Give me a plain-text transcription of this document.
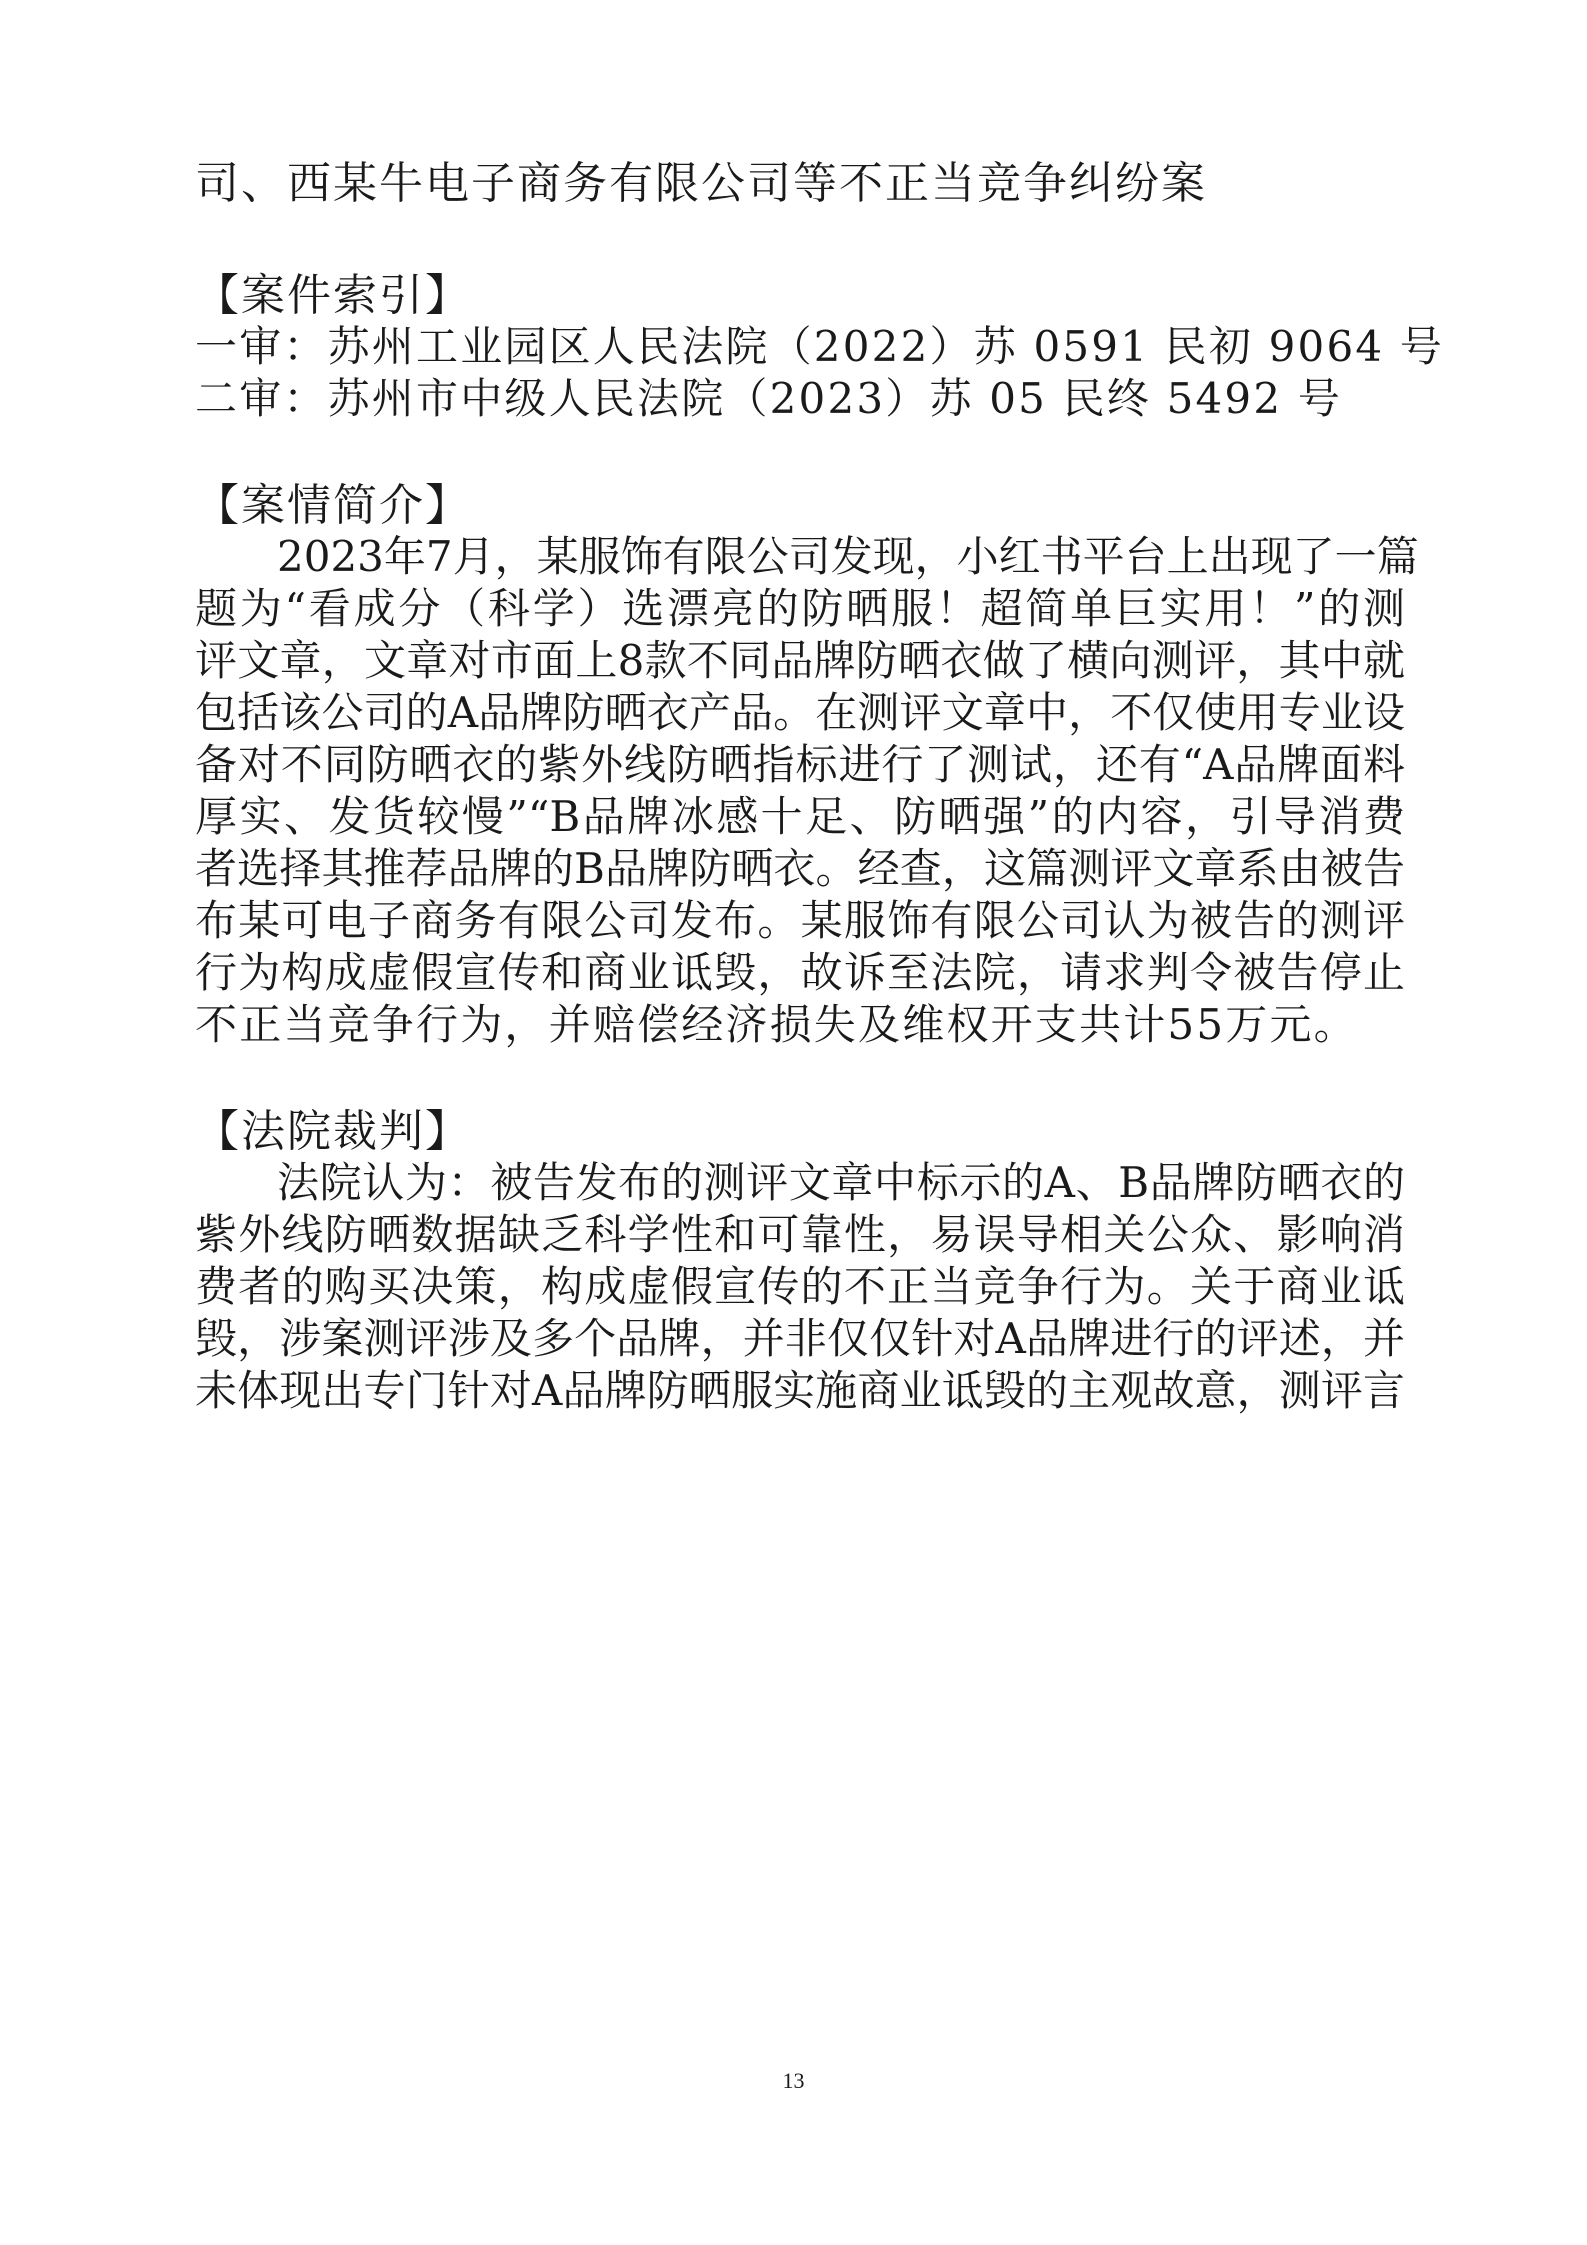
司、西某牛电子商务有限公司等不正当竞争纠纷案

【案件索引】

一审：苏州工业园区人民法院（2022）苏 0591 民初 9064 号

二审：苏州市中级人民法院（2023）苏 05 民终 5492 号

【案情简介】

2023年7月，某服饰有限公司发现，小红书平台上出现了一篇

题为“看成分（科学）选漂亮的防晒服！超简单巨实用！”的测

评文章，文章对市面上8款不同品牌防晒衣做了横向测评，其中就

包括该公司的A品牌防晒衣产品。在测评文章中，不仅使用专业设

备对不同防晒衣的紫外线防晒指标进行了测试，还有“A品牌面料

厚实、发货较慢”“B品牌冰感十足、防晒强”的内容，引导消费

者选择其推荐品牌的B品牌防晒衣。经查，这篇测评文章系由被告

布某可电子商务有限公司发布。某服饰有限公司认为被告的测评

行为构成虚假宣传和商业诋毁，故诉至法院，请求判令被告停止

不正当竞争行为，并赔偿经济损失及维权开支共计55万元。

【法院裁判】

法院认为：被告发布的测评文章中标示的A、B品牌防晒衣的

紫外线防晒数据缺乏科学性和可靠性，易误导相关公众、影响消

费者的购买决策，构成虚假宣传的不正当竞争行为。关于商业诋

毁，涉案测评涉及多个品牌，并非仅仅针对A品牌进行的评述，并

未体现出专门针对A品牌防晒服实施商业诋毁的主观故意，测评言

13
